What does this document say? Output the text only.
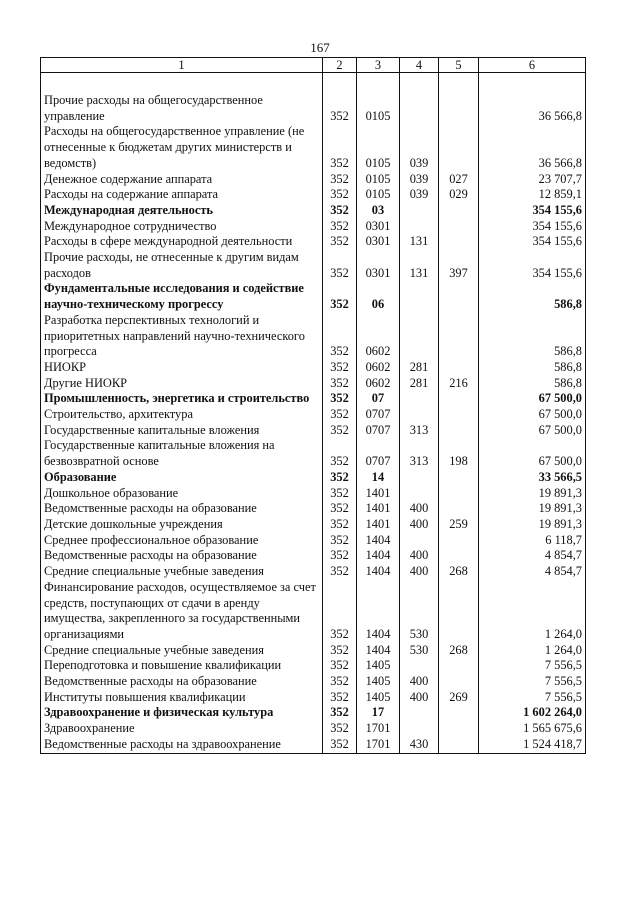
167
1	2	3	4	5	6

Прочие расходы на общегосударственное управление	352	0105			36 566,8
Расходы на общегосударственное управление (не отнесенные к бюджетам других министерств и ведомств)	352	0105	039		36 566,8
Денежное содержание аппарата	352	0105	039	027	23 707,7
Расходы на содержание аппарата	352	0105	039	029	12 859,1
Международная деятельность	352	03			354 155,6
Международное сотрудничество	352	0301			354 155,6
Расходы в сфере международной деятельности	352	0301	131		354 155,6
Прочие расходы, не отнесенные к другим видам расходов	352	0301	131	397	354 155,6
Фундаментальные исследования и содействие научно-техническому прогрессу	352	06			586,8
Разработка перспективных технологий и приоритетных направлений научно-технического прогресса	352	0602			586,8
НИОКР	352	0602	281		586,8
Другие НИОКР	352	0602	281	216	586,8
Промышленность, энергетика и строительство	352	07			67 500,0
Строительство, архитектура	352	0707			67 500,0
Государственные капитальные вложения	352	0707	313		67 500,0
Государственные капитальные вложения на безвозвратной основе	352	0707	313	198	67 500,0
Образование	352	14			33 566,5
Дошкольное образование	352	1401			19 891,3
Ведомственные расходы на образование	352	1401	400		19 891,3
Детские дошкольные учреждения	352	1401	400	259	19 891,3
Среднее профессиональное образование	352	1404			6 118,7
Ведомственные расходы на образование	352	1404	400		4 854,7
Средние специальные учебные заведения	352	1404	400	268	4 854,7
Финансирование расходов, осуществляемое за счет средств, поступающих от сдачи в аренду имущества, закрепленного за государственными организациями	352	1404	530		1 264,0
Средние специальные учебные заведения	352	1404	530	268	1 264,0
Переподготовка и повышение квалификации	352	1405			7 556,5
Ведомственные расходы на образование	352	1405	400		7 556,5
Институты повышения квалификации	352	1405	400	269	7 556,5
Здравоохранение и физическая культура	352	17			1 602 264,0
Здравоохранение	352	1701			1 565 675,6
Ведомственные расходы на здравоохранение	352	1701	430		1 524 418,7
